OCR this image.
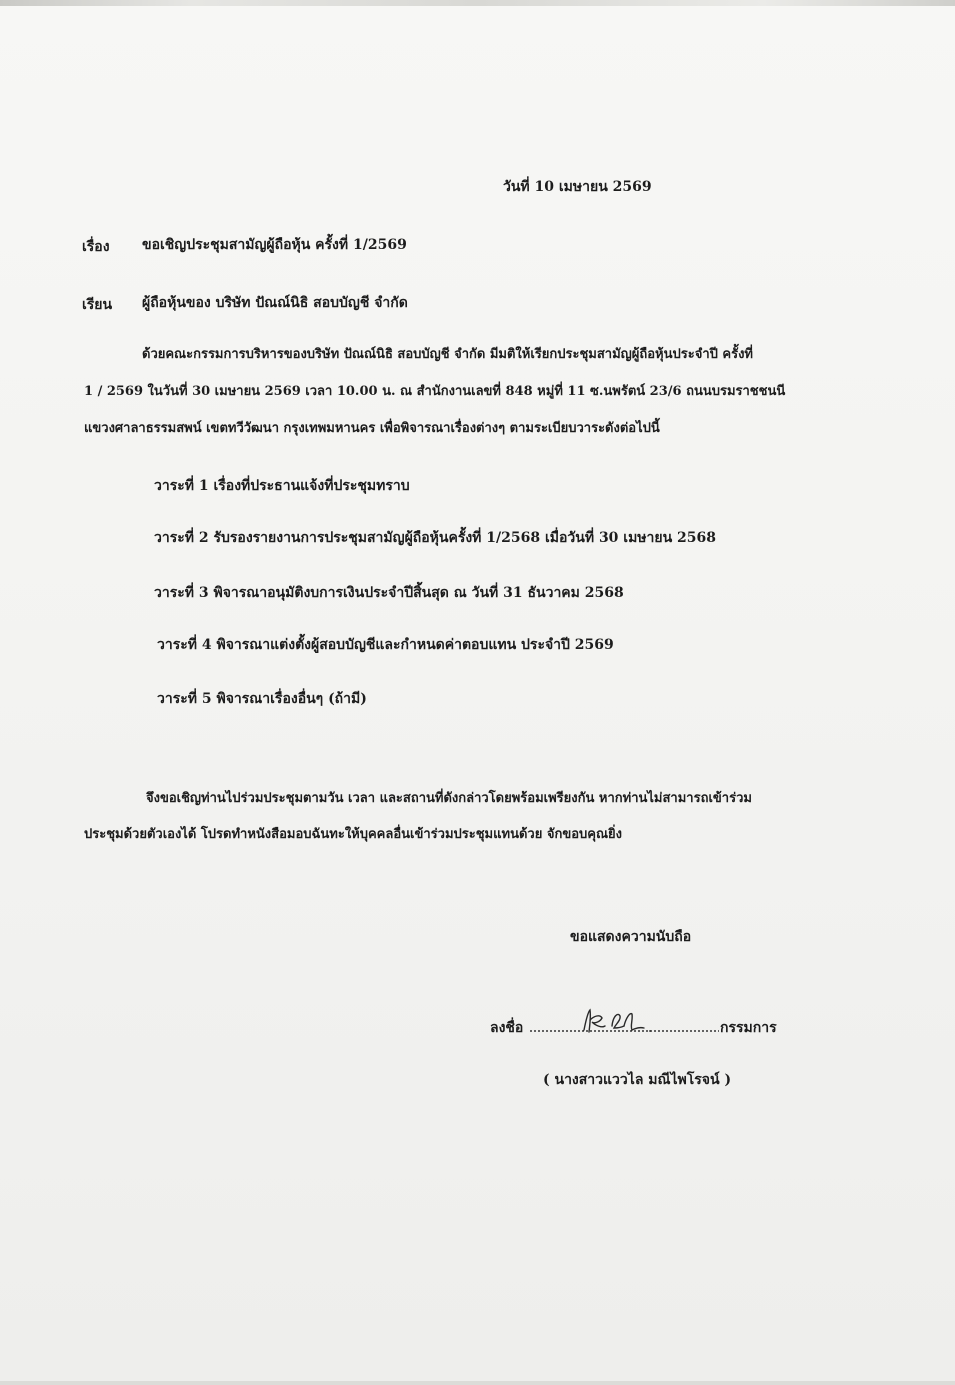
วันที่ 10 เมษายน 2569
เรื่อง ขอเชิญประชุมสามัญผู้ถือหุ้น ครั้งที่ 1/2569
เรียน ผู้ถือหุ้นของ บริษัท ปัณณ์นิธิ สอบบัญชี จำกัด
ด้วยคณะกรรมการบริหารของบริษัท ปัณณ์นิธิ สอบบัญชี จำกัด มีมติให้เรียกประชุมสามัญผู้ถือหุ้นประจำปี ครั้งที่
1 / 2569 ในวันที่ 30 เมษายน 2569 เวลา 10.00 น. ณ สำนักงานเลขที่ 848 หมู่ที่ 11 ซ.นพรัตน์ 23/6 ถนนบรมราชชนนี
แขวงศาลาธรรมสพน์ เขตทวีวัฒนา กรุงเทพมหานคร เพื่อพิจารณาเรื่องต่างๆ ตามระเบียบวาระดังต่อไปนี้
วาระที่ 1 เรื่องที่ประธานแจ้งที่ประชุมทราบ
วาระที่ 2 รับรองรายงานการประชุมสามัญผู้ถือหุ้นครั้งที่ 1/2568 เมื่อวันที่ 30 เมษายน 2568
วาระที่ 3 พิจารณาอนุมัติงบการเงินประจำปีสิ้นสุด ณ วันที่ 31 ธันวาคม 2568
วาระที่ 4 พิจารณาแต่งตั้งผู้สอบบัญชีและกำหนดค่าตอบแทน ประจำปี 2569
วาระที่ 5 พิจารณาเรื่องอื่นๆ (ถ้ามี)
จึงขอเชิญท่านไปร่วมประชุมตามวัน เวลา และสถานที่ดังกล่าวโดยพร้อมเพรียงกัน หากท่านไม่สามารถเข้าร่วม
ประชุมด้วยตัวเองได้ โปรดทำหนังสือมอบฉันทะให้บุคคลอื่นเข้าร่วมประชุมแทนด้วย จักขอบคุณยิ่ง
ขอแสดงความนับถือ
ลงชื่อ	กรรมการ
( นางสาวแววไล มณีไพโรจน์ )
